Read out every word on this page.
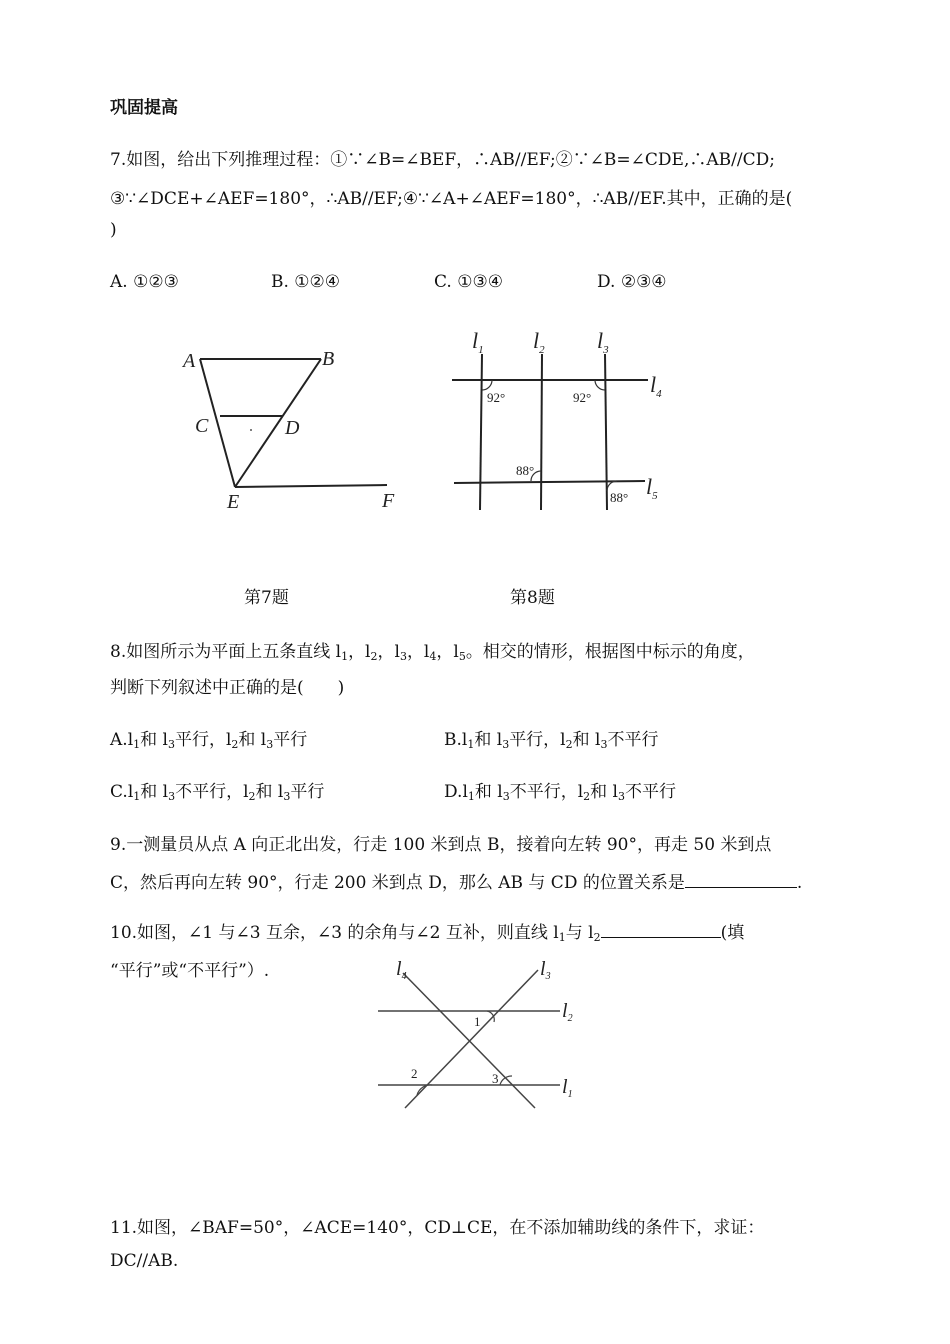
巩固提高
7.如图，给出下列推理过程：①∵∠B=∠BEF，∴AB//EF;②∵∠B=∠CDE,∴AB//CD;
③∵∠DCE+∠AEF=180°，∴AB//EF;④∵∠A+∠AEF=180°，∴AB//EF.其中，正确的是(
)
A. ①②③	B. ①②④	C. ①③④	D. ②③④
A	B
C	D
E	F
$l_1$ $l_2$ $l_3$
$l_4$
$l_5$
92°	92°
88°
88°
第7题	第8题
8.如图所示为平面上五条直线 $l_1$，$l_2$，$l_3$，$l_4$，$l_5$。相交的情形，根据图中标示的角度，
判断下列叙述中正确的是(　　)
$A.l_1$和 $l_3$平行，$l_2$和 $l_3$平行	$B.l_1$和 $l_3$平行，$l_2$和 $l_3$不平行
$C.l_1$和 $l_3$不平行，$l_2$和 $l_3$平行	$D.l_1$和 $l_3$不平行，$l_2$和 $l_3$不平行
9.一测量员从点 A 向正北出发，行走 100 米到点 B，接着向左转 90°，再走 50 米到点
C，然后再向左转 90°，行走 200 米到点 D，那么 AB 与 CD 的位置关系是	.
10.如图，∠1 与∠3 互余，∠3 的余角与∠2 互补，则直线 $l_1$与 $l_2$	(填
“平行”或“不平行”）.	$l_4$	$l_3$
$l_2$
$l_1$
1
2	3
11.如图，∠BAF=50°，∠ACE=140°，CD⊥CE，在不添加辅助线的条件下，求证：
DC//AB.
